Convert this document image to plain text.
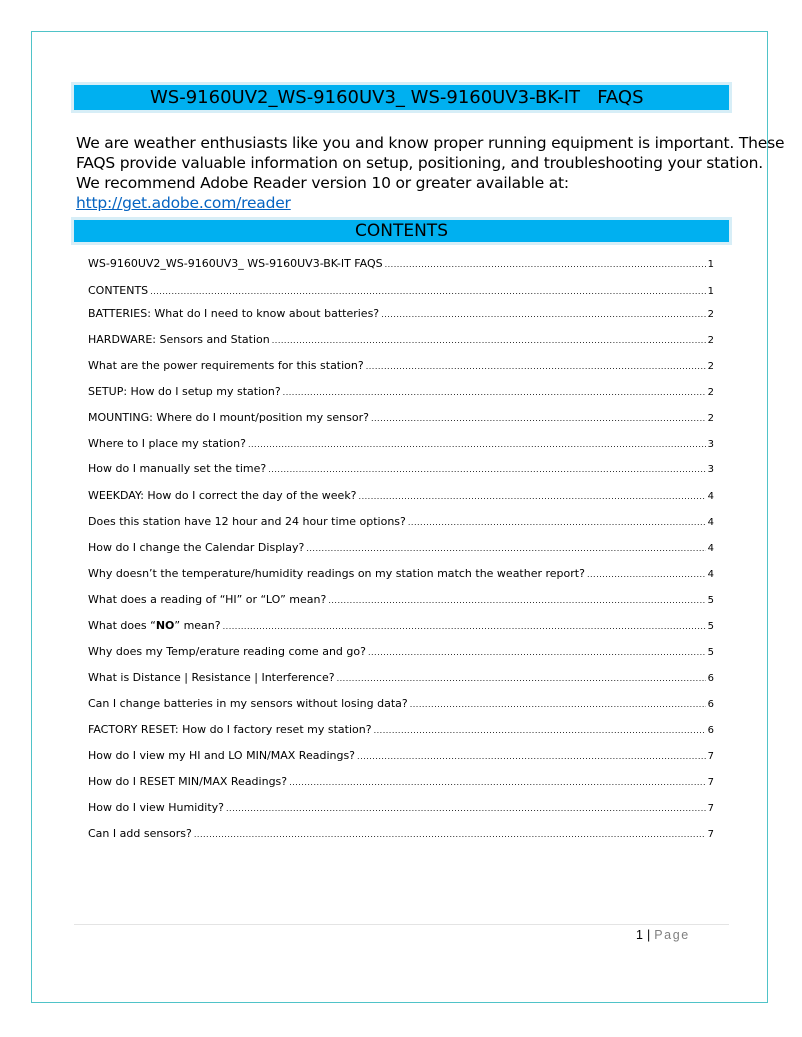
WS-9160UV2_WS-9160UV3_ WS-9160UV3-BK-IT   FAQS

We are weather enthusiasts like you and know proper running equipment is important. These

FAQS provide valuable information on setup, positioning, and troubleshooting your station.

We recommend Adobe Reader version 10 or greater available at:

http://get.adobe.com/reader

CONTENTS
WS-9160UV2_WS-9160UV3_ WS-9160UV3-BK-IT FAQS .....	1
CONTENTS .....	1
BATTERIES: What do I need to know about batteries? .....	2
HARDWARE: Sensors and Station .....	2
What are the power requirements for this station? .....	2
SETUP: How do I setup my station? .....	2
MOUNTING: Where do I mount/position my sensor? .....	2
Where to I place my station? .....	3
How do I manually set the time? .....	3
WEEKDAY: How do I correct the day of the week? .....	4
Does this station have 12 hour and 24 hour time options? .....	4
How do I change the Calendar Display? .....	4
Why doesn’t the temperature/humidity readings on my station match the weather report? .....	4
What does a reading of “HI” or “LO” mean? .....	5
What does “NO” mean? .....	5
Why does my Temp/erature reading come and go? .....	5
What is Distance | Resistance | Interference? .....	6
Can I change batteries in my sensors without losing data? .....	6
FACTORY RESET: How do I factory reset my station? .....	6
How do I view my HI and LO MIN/MAX Readings? .....	7
How do I RESET MIN/MAX Readings? .....	7
How do I view Humidity? .....	7
Can I add sensors? .....	7
1 | Page
